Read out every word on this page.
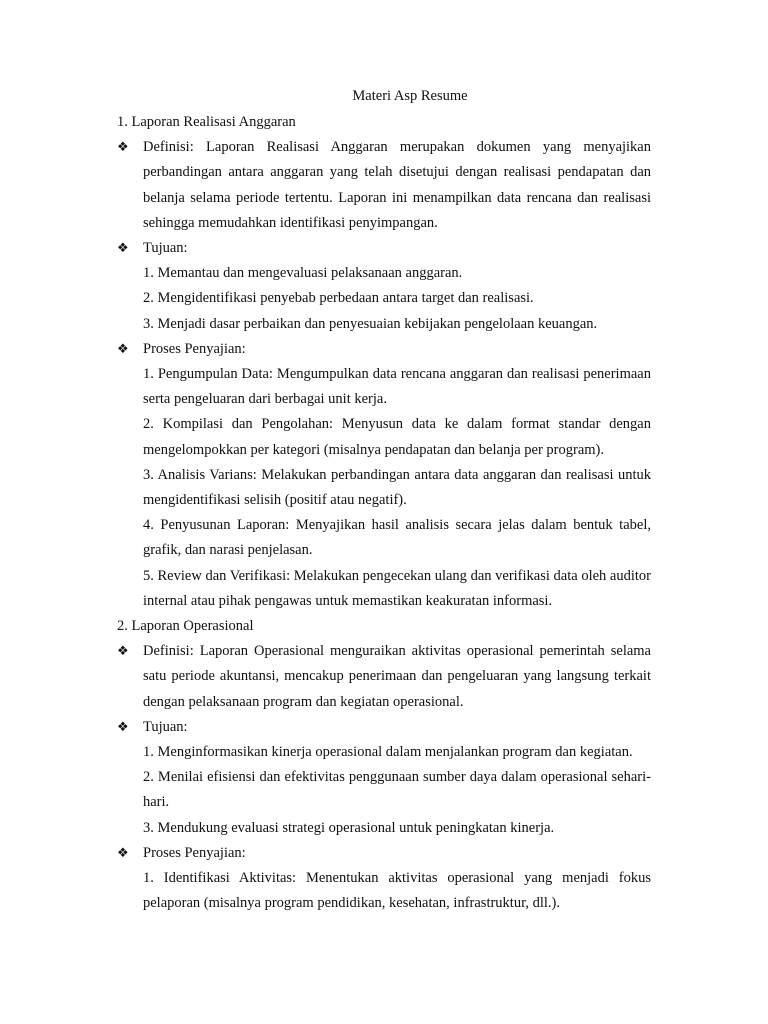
Materi Asp Resume
1. Laporan Realisasi Anggaran
❖ Definisi: Laporan Realisasi Anggaran merupakan dokumen yang menyajikan perbandingan antara anggaran yang telah disetujui dengan realisasi pendapatan dan belanja selama periode tertentu. Laporan ini menampilkan data rencana dan realisasi sehingga memudahkan identifikasi penyimpangan.
❖ Tujuan:
1. Memantau dan mengevaluasi pelaksanaan anggaran.
2. Mengidentifikasi penyebab perbedaan antara target dan realisasi.
3. Menjadi dasar perbaikan dan penyesuaian kebijakan pengelolaan keuangan.
❖ Proses Penyajian:
1. Pengumpulan Data: Mengumpulkan data rencana anggaran dan realisasi penerimaan serta pengeluaran dari berbagai unit kerja.
2. Kompilasi dan Pengolahan: Menyusun data ke dalam format standar dengan mengelompokkan per kategori (misalnya pendapatan dan belanja per program).
3. Analisis Varians: Melakukan perbandingan antara data anggaran dan realisasi untuk mengidentifikasi selisih (positif atau negatif).
4. Penyusunan Laporan: Menyajikan hasil analisis secara jelas dalam bentuk tabel, grafik, dan narasi penjelasan.
5. Review dan Verifikasi: Melakukan pengecekan ulang dan verifikasi data oleh auditor internal atau pihak pengawas untuk memastikan keakuratan informasi.
2. Laporan Operasional
❖ Definisi: Laporan Operasional menguraikan aktivitas operasional pemerintah selama satu periode akuntansi, mencakup penerimaan dan pengeluaran yang langsung terkait dengan pelaksanaan program dan kegiatan operasional.
❖ Tujuan:
1. Menginformasikan kinerja operasional dalam menjalankan program dan kegiatan.
2. Menilai efisiensi dan efektivitas penggunaan sumber daya dalam operasional sehari-hari.
3. Mendukung evaluasi strategi operasional untuk peningkatan kinerja.
❖ Proses Penyajian:
1. Identifikasi Aktivitas: Menentukan aktivitas operasional yang menjadi fokus pelaporan (misalnya program pendidikan, kesehatan, infrastruktur, dll.).
